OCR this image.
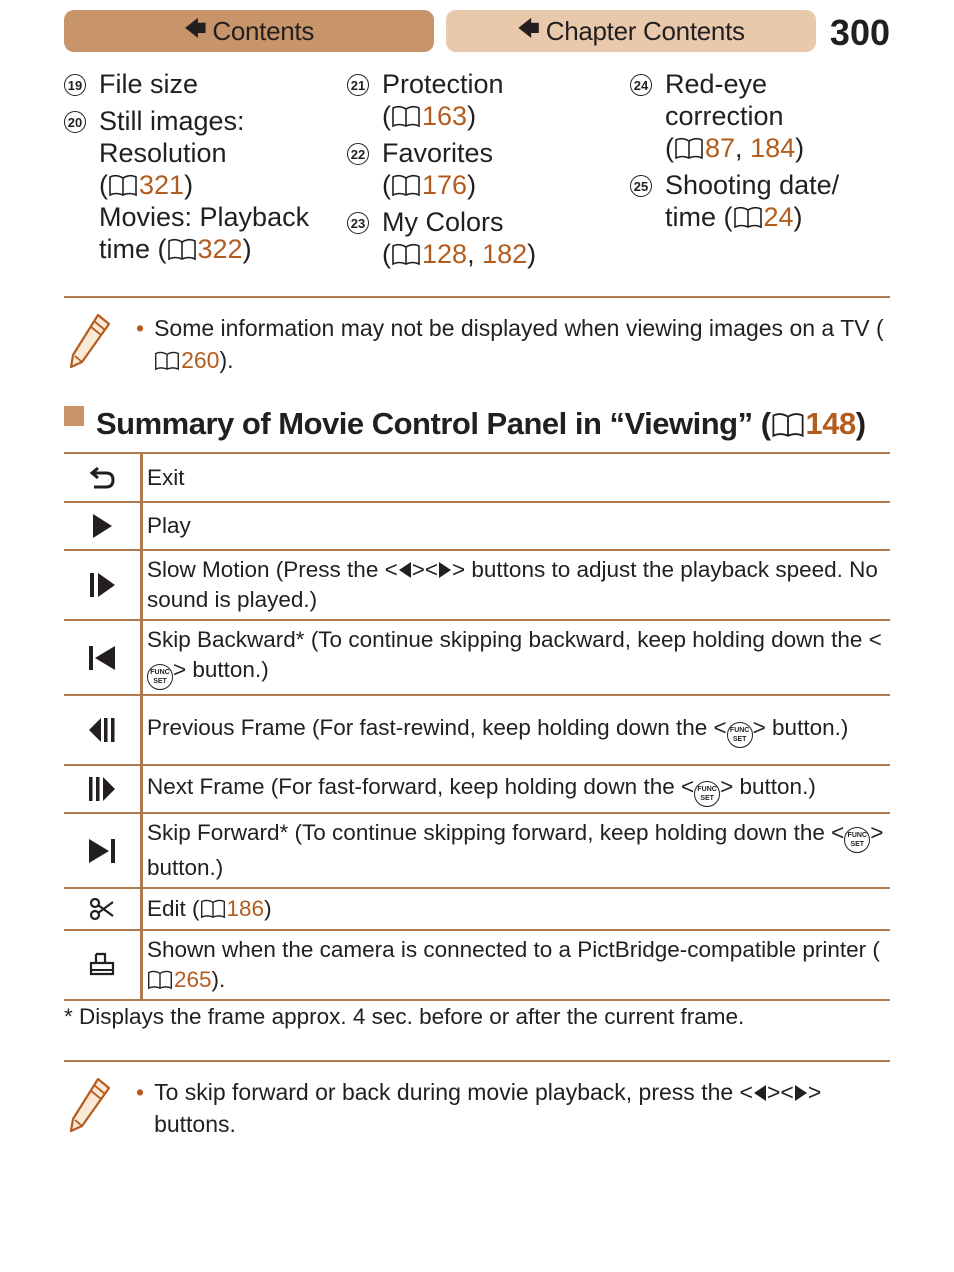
🡄 Contents	🡄 Chapter Contents 300
19 File size
20 Still images:
Resolution
( 321)
Movies: Playback
time ( 322)
21 Protection
( 163)
22 Favorites
( 176)
23 My Colors
( 128, 182)
24 Red-eye
correction
( 87, 184)
25 Shooting date/
time ( 24)
• Some information may not be displayed when viewing images on a TV (260).
Summary of Movie Control Panel in “Viewing” ( 148 )
	Exit

	Play

	Slow Motion (Press the < >< > buttons to adjust the playback speed. No sound is played.)

	Skip Backward* (To continue skipping backward, keep holding down the <FUNC
SET > button.)

	Previous Frame (For fast-rewind, keep holding down the < FUNC
SET > button.)

	Next Frame (For fast-forward, keep holding down the < FUNC
SET > button.)

	Skip Forward* (To continue skipping forward, keep holding down the < FUNC
SET > button.)

	Edit ( 186)

	Shown when the camera is connected to a PictBridge-compatible printer (265).
* Displays the frame approx. 4 sec. before or after the current frame.
• To skip forward or back during movie playback, press the < >< > buttons.
